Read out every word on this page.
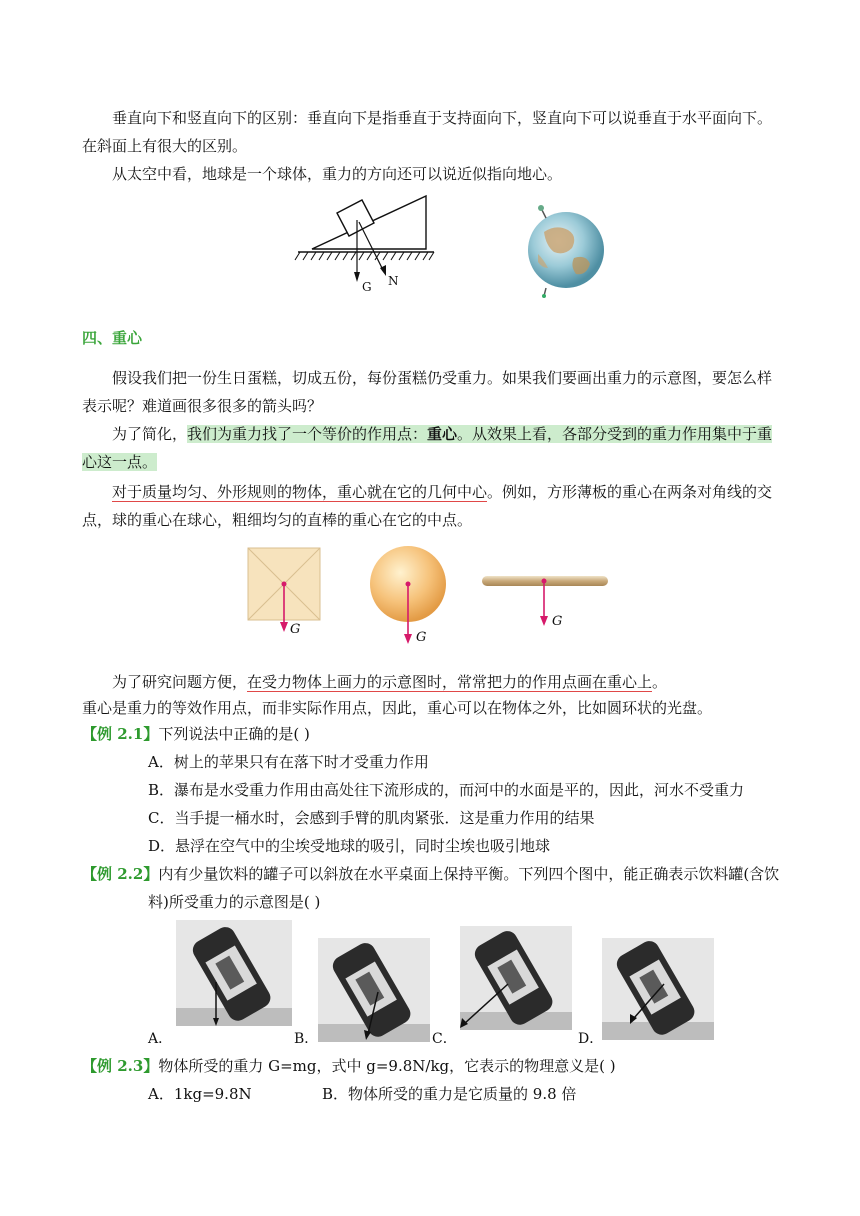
垂直向下和竖直向下的区别：垂直向下是指垂直于支持面向下，竖直向下可以说垂直于水平面向下。
在斜面上有很大的区别。
从太空中看，地球是一个球体，重力的方向还可以说近似指向地心。
G N
四、重心
假设我们把一份生日蛋糕，切成五份，每份蛋糕仍受重力。如果我们要画出重力的示意图，要怎么样
表示呢？难道画很多很多的箭头吗？
为了简化，我们为重力找了一个等价的作用点：重心。从效果上看，各部分受到的重力作用集中于重
心这一点。
对于质量均匀、外形规则的物体，重心就在它的几何中心。例如，方形薄板的重心在两条对角线的交
点，球的重心在球心，粗细均匀的直棒的重心在它的中点。
G
G
G
为了研究问题方便，在受力物体上画力的示意图时，常常把力的作用点画在重心上。
重心是重力的等效作用点，而非实际作用点，因此，重心可以在物体之外，比如圆环状的光盘。
【例 2.1】下列说法中正确的是( )
A．树上的苹果只有在落下时才受重力作用
B．瀑布是水受重力作用由高处往下流形成的，而河中的水面是平的，因此，河水不受重力
C．当手提一桶水时，会感到手臂的肌肉紧张．这是重力作用的结果
D．悬浮在空气中的尘埃受地球的吸引，同时尘埃也吸引地球
【例 2.2】内有少量饮料的罐子可以斜放在水平桌面上保持平衡。下列四个图中，能正确表示饮料罐(含饮
料)所受重力的示意图是( )
A．	B．	C．	D．
【例 2.3】物体所受的重力 G=mg，式中 g=9.8N/kg，它表示的物理意义是( )
A．1kg=9.8N	B．物体所受的重力是它质量的 9.8 倍
